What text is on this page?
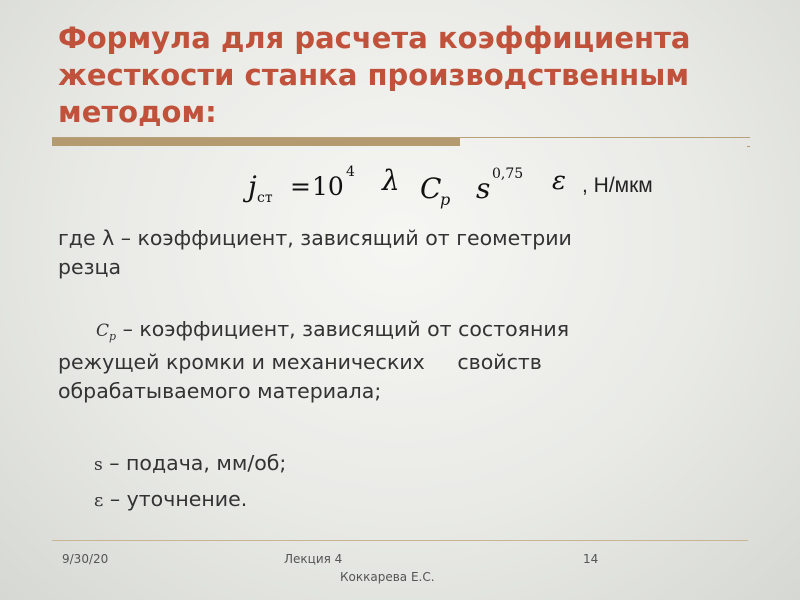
Формула для расчета коэффициента жесткости станка производственным методом:
j ст = 10 4 λ C
p s 0,75 ε , Н/мкм
где λ – коэффициент, зависящий от геометрии
резца
Cp – коэффициент, зависящий от состояния
режущей кромки и механических     свойств
обрабатываемого материала;
s – подача, мм/об;
ε – уточнение.
9/30/20	Лекция 4
Коккарева Е.С.
14
